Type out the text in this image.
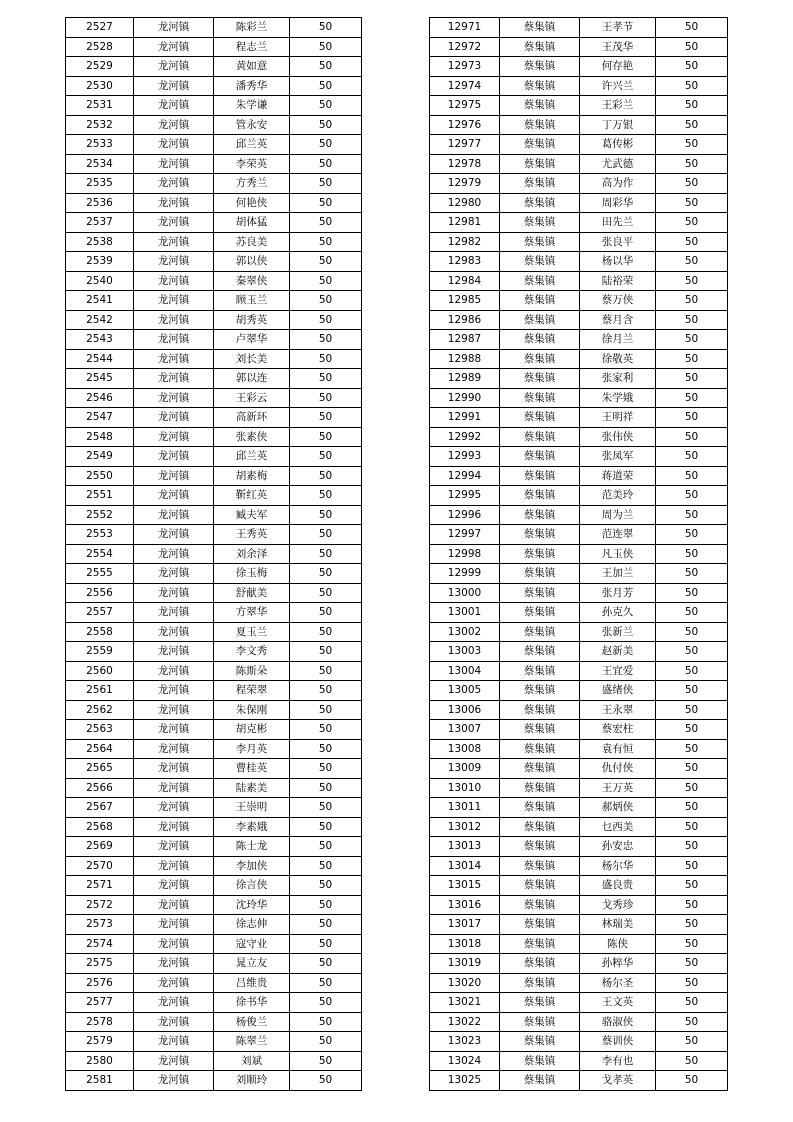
2527	龙河镇	陈彩兰	50
2528	龙河镇	程志兰	50
2529	龙河镇	黄如意	50
2530	龙河镇	潘秀华	50
2531	龙河镇	朱学谦	50
2532	龙河镇	管永安	50
2533	龙河镇	邱兰英	50
2534	龙河镇	李荣英	50
2535	龙河镇	方秀兰	50
2536	龙河镇	何艳侠	50
2537	龙河镇	胡体猛	50
2538	龙河镇	苏良美	50
2539	龙河镇	郭以侠	50
2540	龙河镇	秦翠侠	50
2541	龙河镇	顾玉兰	50
2542	龙河镇	胡秀英	50
2543	龙河镇	卢翠华	50
2544	龙河镇	刘长美	50
2545	龙河镇	郭以连	50
2546	龙河镇	王彩云	50
2547	龙河镇	高新环	50
2548	龙河镇	张素侠	50
2549	龙河镇	邱兰英	50
2550	龙河镇	胡素梅	50
2551	龙河镇	靳红英	50
2552	龙河镇	臧夫军	50
2553	龙河镇	王秀英	50
2554	龙河镇	刘余泽	50
2555	龙河镇	徐玉梅	50
2556	龙河镇	舒献美	50
2557	龙河镇	方翠华	50
2558	龙河镇	夏玉兰	50
2559	龙河镇	李文秀	50
2560	龙河镇	陈斯朵	50
2561	龙河镇	程荣翠	50
2562	龙河镇	朱保刚	50
2563	龙河镇	胡克彬	50
2564	龙河镇	李月英	50
2565	龙河镇	曹桂英	50
2566	龙河镇	陆素美	50
2567	龙河镇	王崇明	50
2568	龙河镇	李素娥	50
2569	龙河镇	陈士龙	50
2570	龙河镇	李加侠	50
2571	龙河镇	徐言侠	50
2572	龙河镇	沈玲华	50
2573	龙河镇	徐志伸	50
2574	龙河镇	寇守业	50
2575	龙河镇	晁立友	50
2576	龙河镇	吕维贵	50
2577	龙河镇	徐书华	50
2578	龙河镇	杨俊兰	50
2579	龙河镇	陈翠兰	50
2580	龙河镇	刘斌	50
2581	龙河镇	刘顺玲	50
12971	蔡集镇	王孝节	50
12972	蔡集镇	王茂华	50
12973	蔡集镇	何存艳	50
12974	蔡集镇	许兴兰	50
12975	蔡集镇	王彩兰	50
12976	蔡集镇	丁万银	50
12977	蔡集镇	葛传彬	50
12978	蔡集镇	尤武德	50
12979	蔡集镇	高为作	50
12980	蔡集镇	周彩华	50
12981	蔡集镇	田先兰	50
12982	蔡集镇	张良平	50
12983	蔡集镇	杨以华	50
12984	蔡集镇	陆裕荣	50
12985	蔡集镇	蔡万侠	50
12986	蔡集镇	蔡月含	50
12987	蔡集镇	徐月兰	50
12988	蔡集镇	徐敬英	50
12989	蔡集镇	张家利	50
12990	蔡集镇	朱学娥	50
12991	蔡集镇	王明祥	50
12992	蔡集镇	张伟侠	50
12993	蔡集镇	张凤军	50
12994	蔡集镇	蒋道荣	50
12995	蔡集镇	范美玲	50
12996	蔡集镇	周为兰	50
12997	蔡集镇	范连翠	50
12998	蔡集镇	凡玉侠	50
12999	蔡集镇	王加兰	50
13000	蔡集镇	张月芳	50
13001	蔡集镇	孙克久	50
13002	蔡集镇	张新兰	50
13003	蔡集镇	赵新美	50
13004	蔡集镇	王宜爱	50
13005	蔡集镇	盛绪侠	50
13006	蔡集镇	王永翠	50
13007	蔡集镇	蔡宏柱	50
13008	蔡集镇	袁有恒	50
13009	蔡集镇	仇付侠	50
13010	蔡集镇	王万英	50
13011	蔡集镇	郝炳侠	50
13012	蔡集镇	乜西美	50
13013	蔡集镇	孙安忠	50
13014	蔡集镇	杨尔华	50
13015	蔡集镇	盛良贵	50
13016	蔡集镇	戈秀珍	50
13017	蔡集镇	林瑞美	50
13018	蔡集镇	陈侠	50
13019	蔡集镇	孙粹华	50
13020	蔡集镇	杨尔圣	50
13021	蔡集镇	王文英	50
13022	蔡集镇	骆淑侠	50
13023	蔡集镇	蔡训侠	50
13024	蔡集镇	李有也	50
13025	蔡集镇	戈孝英	50
